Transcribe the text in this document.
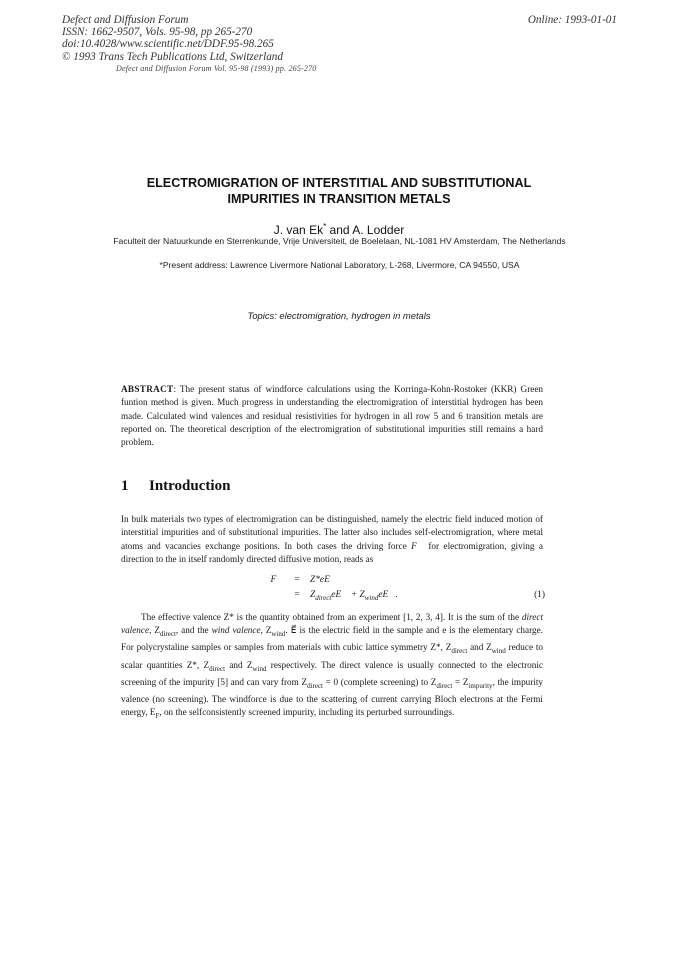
Defect and Diffusion Forum
ISSN: 1662-9507, Vols. 95-98, pp 265-270
doi:10.4028/www.scientific.net/DDF.95-98.265
© 1993 Trans Tech Publications Ltd, Switzerland
Online: 1993-01-01
Defect and Diffusion Forum Vol. 95-98 (1993) pp. 265-270
ELECTROMIGRATION OF INTERSTITIAL AND SUBSTITUTIONAL
IMPURITIES IN TRANSITION METALS
J. van Ek* and A. Lodder
Faculteit der Natuurkunde en Sterrenkunde, Vrije Universiteit, de Boelelaan, NL-1081 HV Amsterdam, The Netherlands
*Present address: Lawrence Livermore National Laboratory, L-268, Livermore, CA 94550, USA
Topics: electromigration, hydrogen in metals
ABSTRACT: The present status of windforce calculations using the Korringa-Kohn-Rostoker (KKR) Green funtion method is given. Much progress in understanding the electromigration of interstitial hydrogen has been made. Calculated wind valences and residual resistivities for hydrogen in all row 5 and 6 transition metals are reported on. The theoretical description of the electromigration of substitutional impurities still remains a hard problem.
1 Introduction
In bulk materials two types of electromigration can be distinguished, namely the electric field induced motion of interstitial impurities and of substitutional impurities. The latter also includes self-electromigration, where metal atoms and vacancies exchange positions. In both cases the driving force F⃗ for electromigration, giving a direction to the in itself randomly directed diffusive motion, reads as
F⃗ = Z*eE⃗
= $Z_{direct}eE⃗$ + $Z_{wind}eE⃗$.	(1)
The effective valence Z* is the quantity obtained from an experiment [1, 2, 3, 4]. It is the sum of the direct valence, $Z_{direct}$, and the wind valence, $Z_{wind}$. E⃗ is the electric field in the sample and e is the elementary charge. For polycrystaline samples or samples from materials with cubic lattice symmetry Z*, $Z_{direct}$ and $Z_{wind}$ reduce to scalar quantities Z*, $Z_{direct}$ and $Z_{wind}$ respectively. The direct valence is usually connected to the electronic screening of the impurity [5] and can vary from $Z_{direct} = 0$ (complete screening) to $Z_{direct} = Z_{impurity}$, the impurity valence (no screening). The windforce is due to the scattering of current carrying Bloch electrons at the Fermi energy, $E_F$, on the selfconsistently screened impurity, including its perturbed surroundings.
